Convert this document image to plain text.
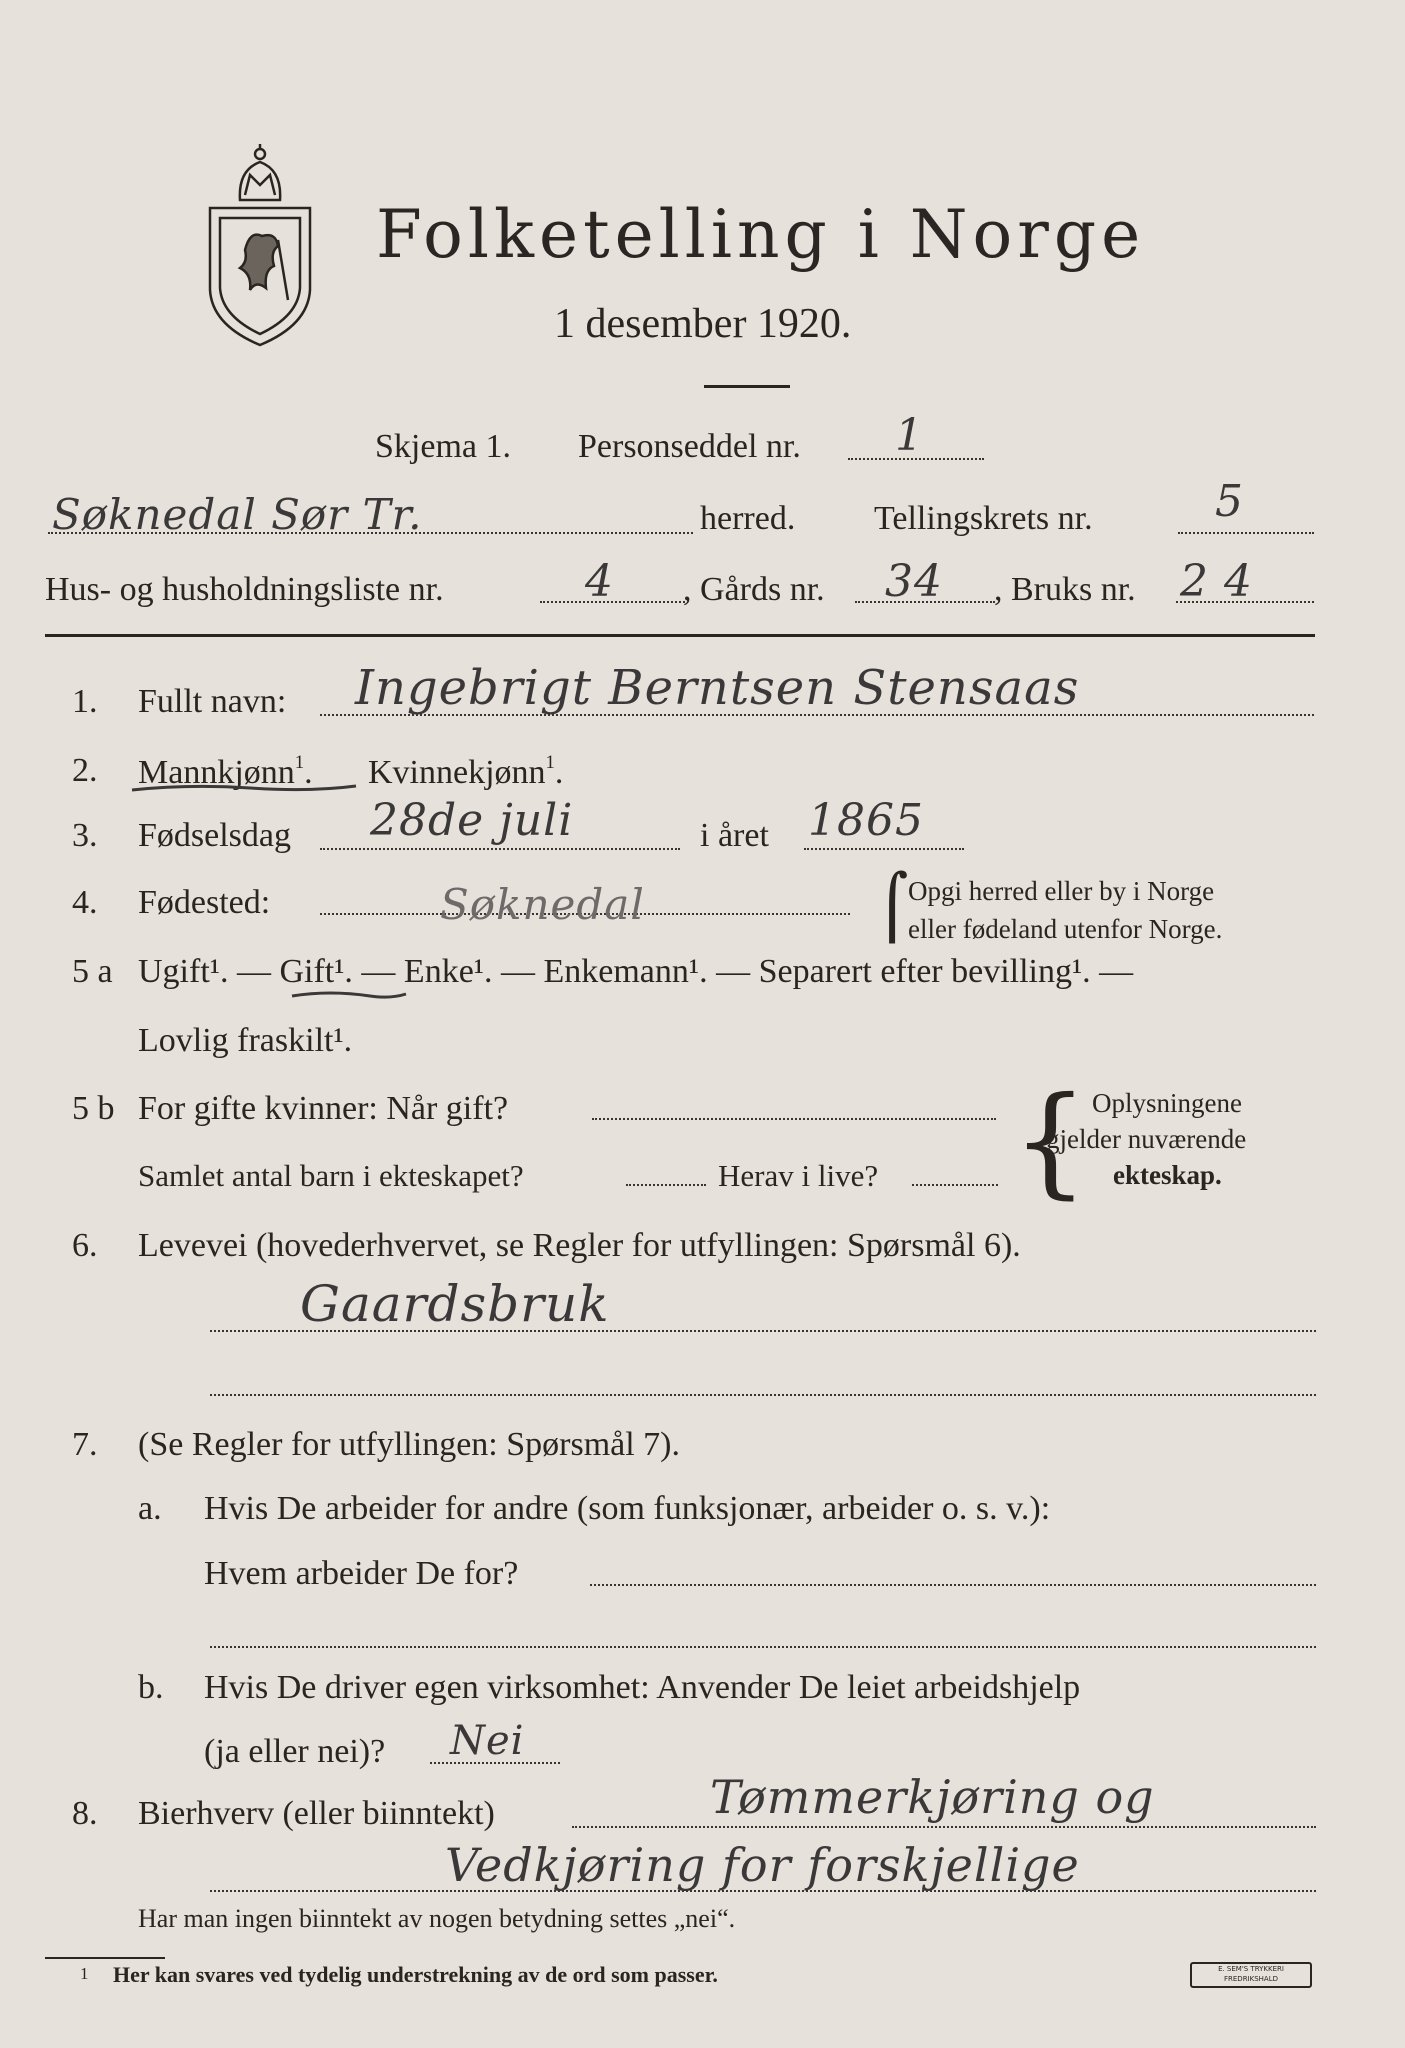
Folketelling i Norge
1 desember 1920.
Skjema 1. Personseddel nr. 1
Søknedal Sør Tr.	herred. Tellingskrets nr.	5
Hus- og husholdningsliste nr.	4 , Gårds nr. 34 , Bruks nr. 2 4
1. Fullt navn: Ingebrigt Berntsen Stensaas
2. Mannkjønn$^1$. Kvinnekjønn$^1$.
3. Fødselsdag 28de juli	i året 1865
4. Fødested:	Søknedal	⌠ Opgi herred eller by i Norge
eller fødeland utenfor Norge.
5 a Ugift¹. — Gift¹. — Enke¹. — Enkemann¹. — Separert efter bevilling¹. —
Lovlig fraskilt¹.
5 b For gifte kvinner: Når gift?
Samlet antal barn i ekteskapet?	Herav i live? { Oplysningene
gjelder nuværende
ekteskap.
6. Levevei (hovederhvervet, se Regler for utfyllingen: Spørsmål 6).
Gaardsbruk
7. (Se Regler for utfyllingen: Spørsmål 7).
a. Hvis De arbeider for andre (som funksjonær, arbeider o. s. v.):
Hvem arbeider De for?
b. Hvis De driver egen virksomhet: Anvender De leiet arbeidshjelp
(ja eller nei)? Nei
8. Bierhverv (eller biinntekt)	Tømmerkjøring og
Vedkjøring for forskjellige
Har man ingen biinntekt av nogen betydning settes „nei“.
1 Her kan svares ved tydelig understrekning av de ord som passer.	E. SEM'S TRYKKERI
FREDRIKSHALD
